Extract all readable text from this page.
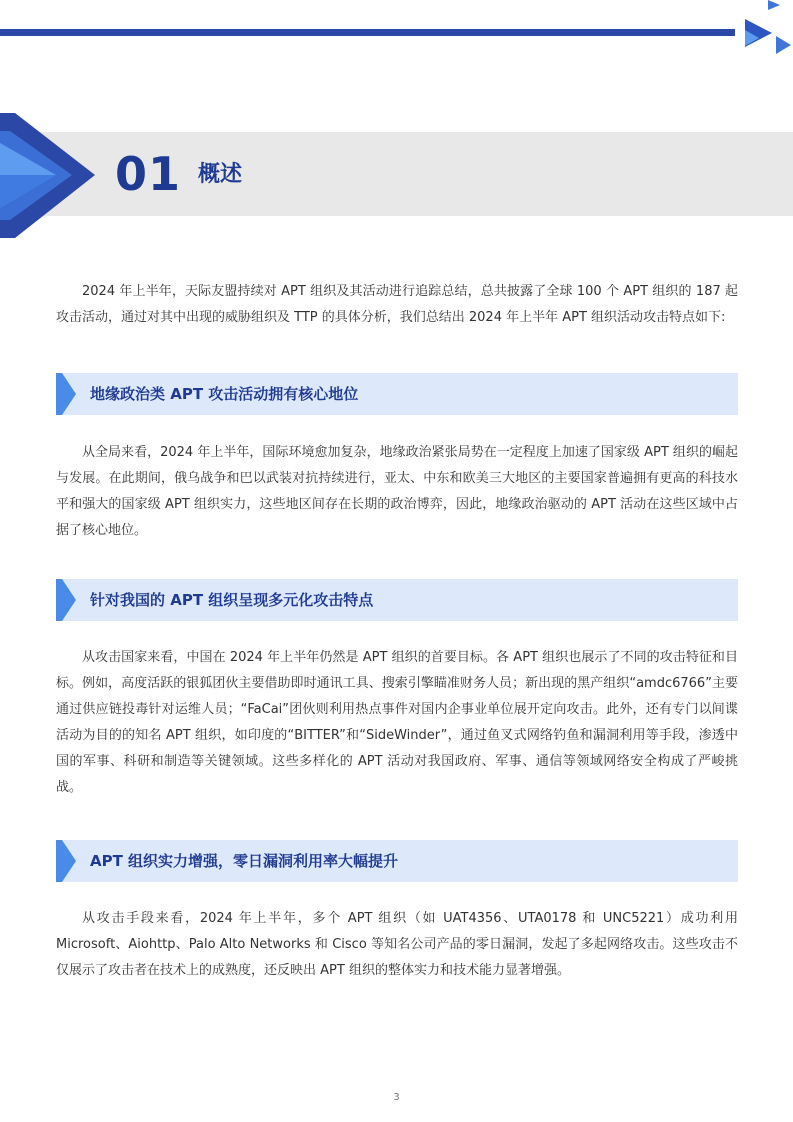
01 概述

2024 年上半年，天际友盟持续对 APT 组织及其活动进行追踪总结，总共披露了全球 100 个 APT 组织的 187 起攻击活动，通过对其中出现的威胁组织及 TTP 的具体分析，我们总结出 2024 年上半年 APT 组织活动攻击特点如下:

地缘政治类 APT 攻击活动拥有核心地位

从全局来看，2024 年上半年，国际环境愈加复杂，地缘政治紧张局势在一定程度上加速了国家级 APT 组织的崛起与发展。在此期间，俄乌战争和巴以武装对抗持续进行，亚太、中东和欧美三大地区的主要国家普遍拥有更高的科技水平和强大的国家级 APT 组织实力，这些地区间存在长期的政治博弈，因此，地缘政治驱动的 APT 活动在这些区域中占据了核心地位。

针对我国的 APT 组织呈现多元化攻击特点

从攻击国家来看，中国在 2024 年上半年仍然是 APT 组织的首要目标。各 APT 组织也展示了不同的攻击特征和目标。例如，高度活跃的银狐团伙主要借助即时通讯工具、搜索引擎瞄准财务人员；新出现的黑产组织“amdc6766”主要通过供应链投毒针对运维人员；“FaCai”团伙则利用热点事件对国内企事业单位展开定向攻击。此外，还有专门以间谍活动为目的的知名 APT 组织，如印度的“BITTER”和“SideWinder”，通过鱼叉式网络钓鱼和漏洞利用等手段，渗透中国的军事、科研和制造等关键领域。这些多样化的 APT 活动对我国政府、军事、通信等领域网络安全构成了严峻挑战。

APT 组织实力增强，零日漏洞利用率大幅提升

从攻击手段来看，2024 年上半年，多个 APT 组织（如 UAT4356、UTA0178 和 UNC5221）成功利用 Microsoft、Aiohttp、Palo Alto Networks 和 Cisco 等知名公司产品的零日漏洞，发起了多起网络攻击。这些攻击不仅展示了攻击者在技术上的成熟度，还反映出 APT 组织的整体实力和技术能力显著增强。

3
